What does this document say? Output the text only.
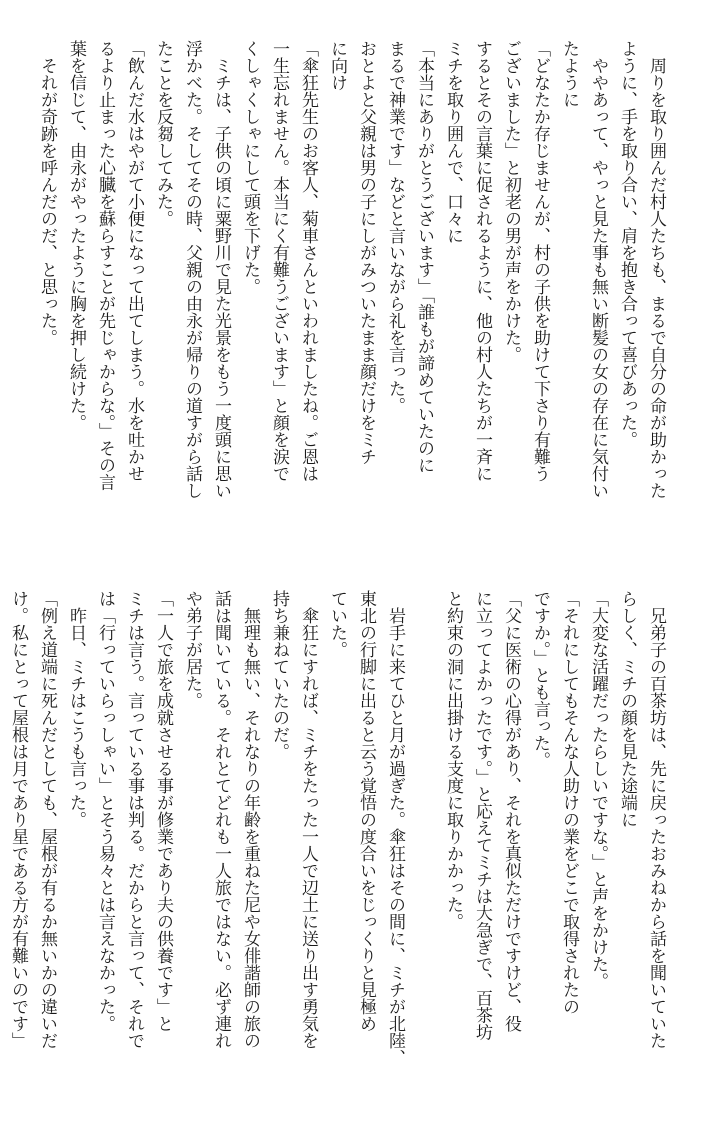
　周りを取り囲んだ村人たちも、まるで自分の命が助かった
ように、手を取り合い、肩を抱き合って喜びあった。
　ややあって、やっと見た事も無い断髪の女の存在に気付い
たように
「どなたか存じませんが、村の子供を助けて下さり有難う
ございました」と初老の男が声をかけた。
するとその言葉に促されるように、他の村人たちが一斉に
ミチを取り囲んで、口々に
「本当にありがとうございます」「誰もが諦めていたのに
まるで神業です」などと言いながら礼を言った。
おとよと父親は男の子にしがみついたまま顔だけをミチ
に向け
「傘狂先生のお客人、菊車さんといわれましたね。ご恩は
一生忘れません。本当にく有難うございます」と顔を涙で
くしゃくしゃにして頭を下げた。
　ミチは、子供の頃に粟野川で見た光景をもう一度頭に思い
浮かべた。そしてその時、父親の由永が帰りの道すがら話し
たことを反芻してみた。
「飲んだ水はやがて小便になって出てしまう。水を吐かせ
るより止まった心臓を蘇らすことが先じゃからな。」その言
葉を信じて、由永がやったように胸を押し続けた。
　それが奇跡を呼んだのだ、と思った。
　兄弟子の百茶坊は、先に戻ったおみねから話を聞いていた
らしく、ミチの顔を見た途端に
「大変な活躍だったらしいですな。」と声をかけた。
「それにしてもそんな人助けの業をどこで取得されたの
ですか。」とも言った。
「父に医術の心得があり、それを真似ただけですけど、役
に立ってよかったです。」と応えてミチは大急ぎで、百茶坊
と約束の洞に出掛ける支度に取りかかった。

　岩手に来てひと月が過ぎた。傘狂はその間に、ミチが北陸、
東北の行脚に出ると云う覚悟の度合いをじっくりと見極め
ていた。
　傘狂にすれば、ミチをたった一人で辺土に送り出す勇気を
持ち兼ねていたのだ。
　無理も無い、それなりの年齢を重ねた尼や女俳諧師の旅の
話は聞いている。それとてどれも一人旅ではない。必ず連れ
や弟子が居た。
「一人で旅を成就させる事が修業であり夫の供養です」と
ミチは言う。言っている事は判る。だからと言って、それで
は「行っていらっしゃい」とそう易々とは言えなかった。
　昨日、ミチはこうも言った。
「例え道端に死んだとしても、屋根が有るか無いかの違いだ
け。私にとって屋根は月であり星である方が有難いのです」
